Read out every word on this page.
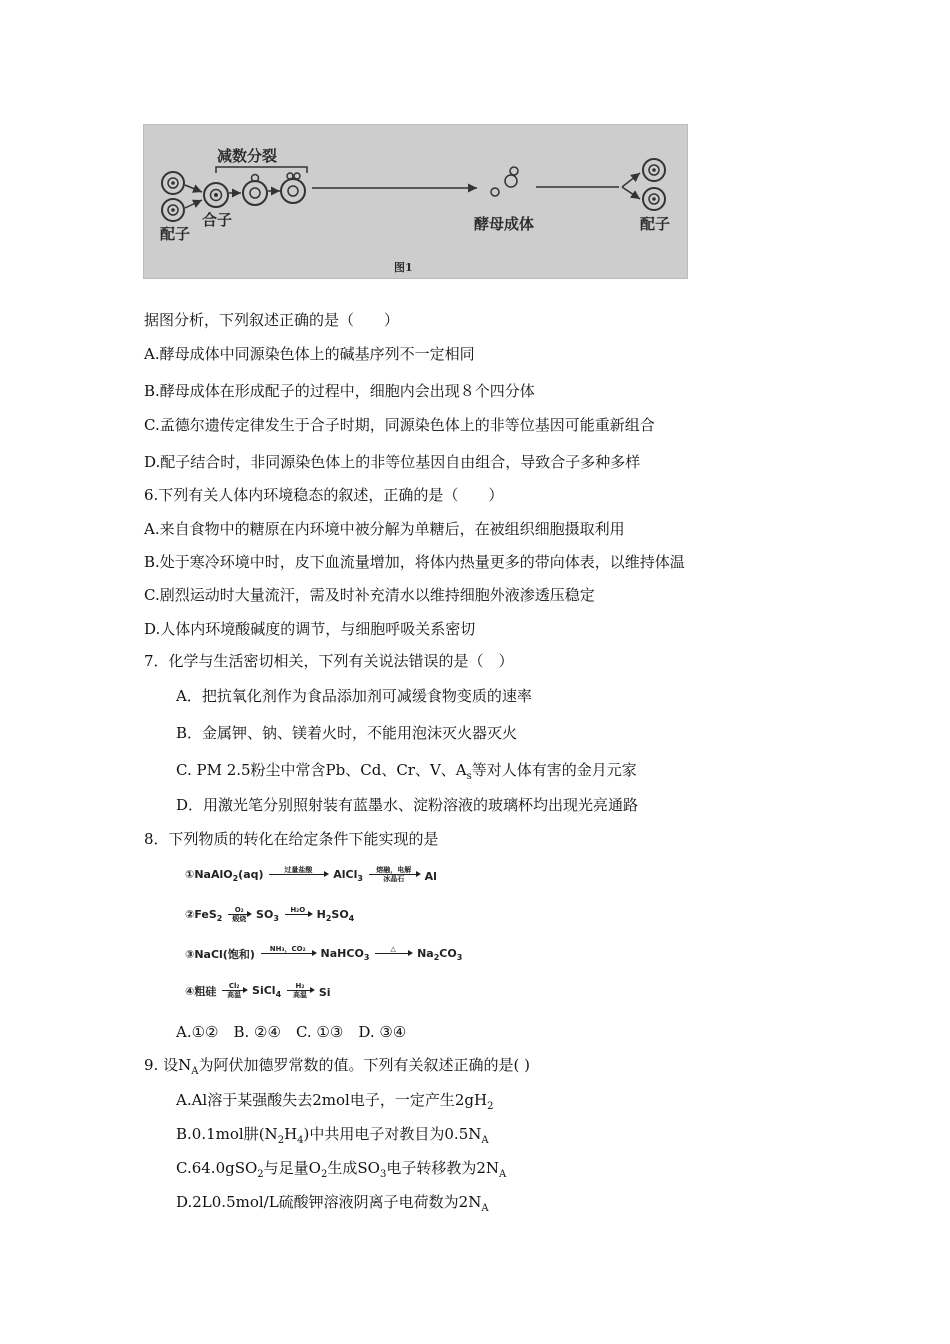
减数分裂
配子
合子	酵母成体	配子
图1
据图分析，下列叙述正确的是（　　）
A.酵母成体中同源染色体上的碱基序列不一定相同
B.酵母成体在形成配子的过程中，细胞内会出现８个四分体
C.孟德尔遗传定律发生于合子时期，同源染色体上的非等位基因可能重新组合
D.配子结合时，非同源染色体上的非等位基因自由组合，导致合子多种多样
6.下列有关人体内环境稳态的叙述，正确的是（　　）
A.来自食物中的糖原在内环境中被分解为单糖后，在被组织细胞摄取利用
B.处于寒冷环境中时，皮下血流量增加，将体内热量更多的带向体表，以维持体温
C.剧烈运动时大量流汗，需及时补充清水以维持细胞外液渗透压稳定
D.人体内环境酸碱度的调节，与细胞呼吸关系密切
7．化学与生活密切相关，下列有关说法错误的是（　）
A．把抗氧化剂作为食品添加剂可减缓食物变质的速率
B．金属钾、钠、镁着火时，不能用泡沫灭火器灭火
C. PM 2.5粉尘中常含Pb、Cd、Cr、V、$A_s$等对人体有害的金月元家
D．用激光笔分别照射装有蓝墨水、淀粉溶液的玻璃杯均出现光亮通路
8．下列物质的转化在给定条件下能实现的是
①NaAlO$_2$(aq)	过量盐酸	AlCl$_3$
熔融，电解
冰晶石	Al
②FeS$_2$
O₂
煅烧 $SO_3$
H₂O	$H_2SO_4$
③NaCl(饱和)	NH₃，CO₂	NaHCO$_3$
△	$Na_2CO_3$
④粗硅	Cl₂
高温 SiCl$_4$
H₂
高温	Si
A.①②　B. ②④　C. ①③　D. ③④
9. 设$N_A$为阿伏加德罗常数的值。下列有关叙述正确的是( )
A.Al溶于某强酸失去2mol电子，一定产生$2gH_2$
B.0.1mol肼$(N_2H_4)$中共用电子对教目为$0.5N_A$
C.64.0gSO$_2$与足量$O_2$生成$SO_3$电子转移教为$2N_A$
D.2L0.5mol/L硫酸钾溶液阴离子电荷数为$2N_A$
